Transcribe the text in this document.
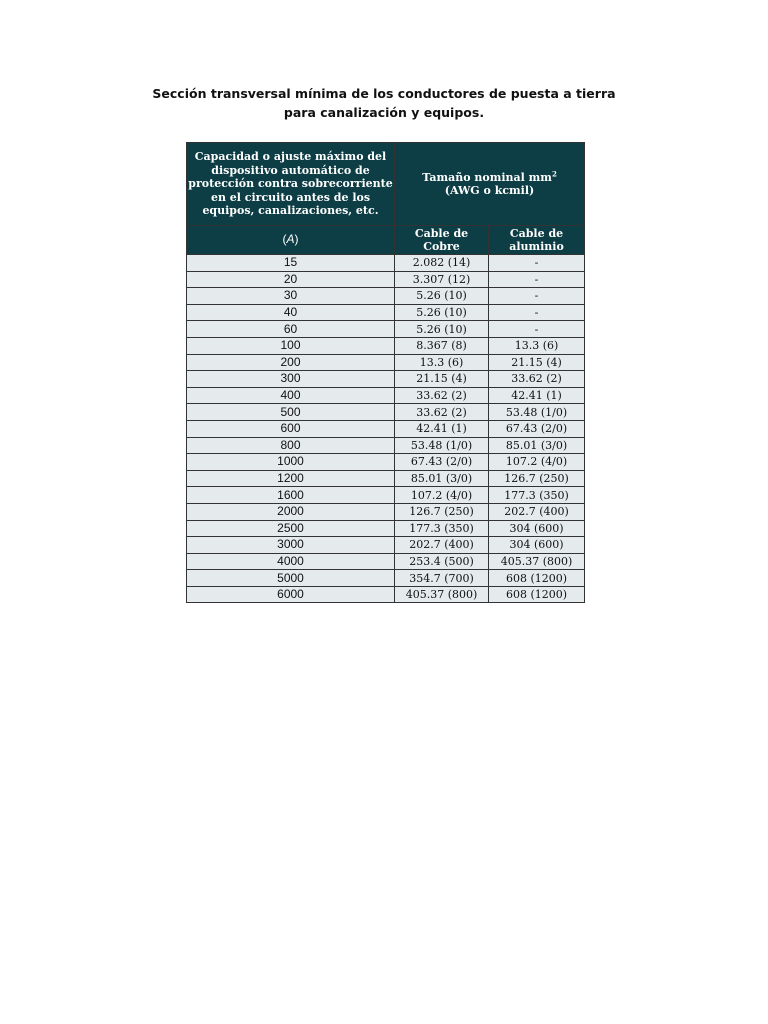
Sección transversal mínima de los conductores de puesta a tierra
para canalización y equipos.
Capacidad o ajuste máximo del dispositivo automático de protección contra sobrecorriente en el circuito antes de los equipos, canalizaciones, etc.	Tamaño nominal $mm^2$
(AWG o kcmil)	
(A)	Cable de Cobre	Cable de aluminio
15	2.082 (14)	-
20	3.307 (12)	-
30	5.26 (10)	-
40	5.26 (10)	-
60	5.26 (10)	-
100	8.367 (8)	13.3 (6)
200	13.3 (6)	21.15 (4)
300	21.15 (4)	33.62 (2)
400	33.62 (2)	42.41 (1)
500	33.62 (2)	53.48 (1/0)
600	42.41 (1)	67.43 (2/0)
800	53.48 (1/0)	85.01 (3/0)
1000	67.43 (2/0)	107.2 (4/0)
1200	85.01 (3/0)	126.7 (250)
1600	107.2 (4/0)	177.3 (350)
2000	126.7 (250)	202.7 (400)
2500	177.3 (350)	304 (600)
3000	202.7 (400)	304 (600)
4000	253.4 (500)	405.37 (800)
5000	354.7 (700)	608 (1200)
6000	405.37 (800)	608 (1200)
